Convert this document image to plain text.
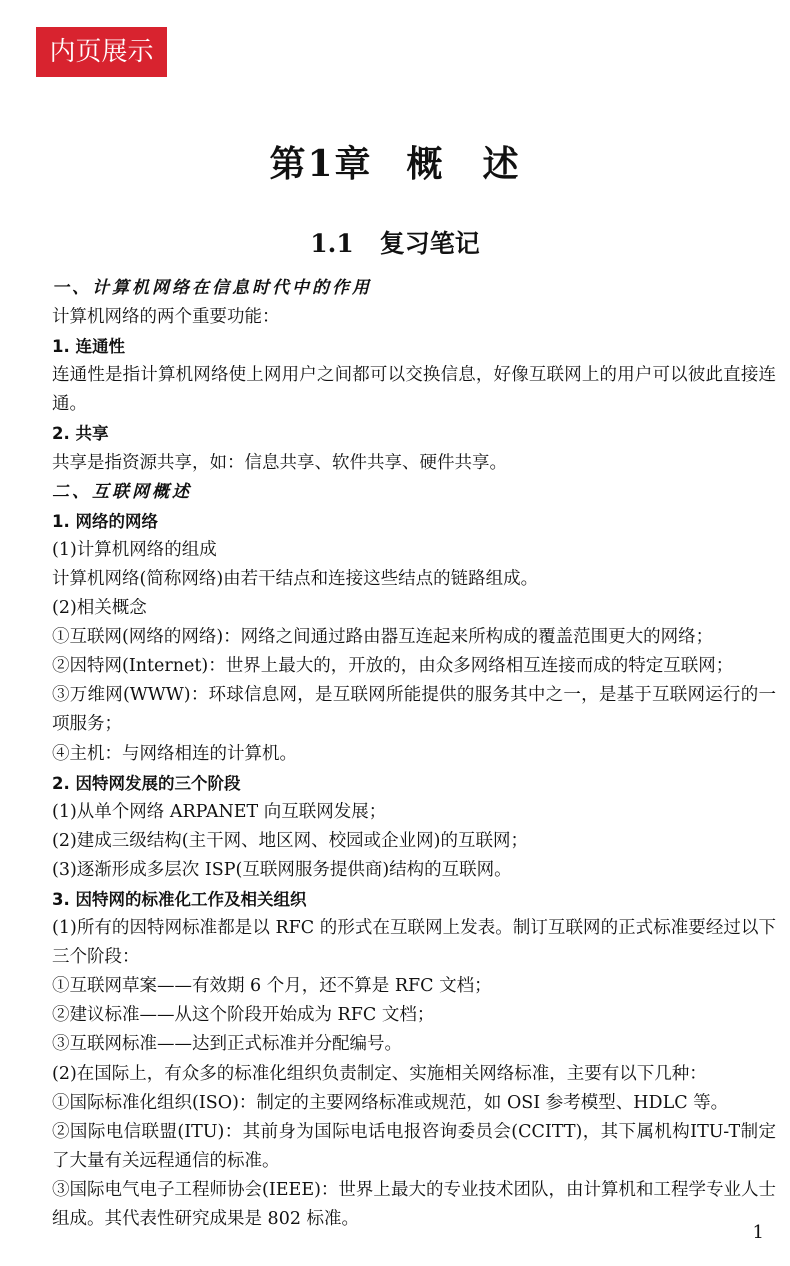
内页展示
第1章 概　述
1.1 复习笔记

一、计算机网络在信息时代中的作用

计算机网络的两个重要功能：

1. 连通性

连通性是指计算机网络使上网用户之间都可以交换信息，好像互联网上的用户可以彼此直接连通。

2. 共享

共享是指资源共享，如：信息共享、软件共享、硬件共享。

二、互联网概述

1. 网络的网络

(1)计算机网络的组成

计算机网络(简称网络)由若干结点和连接这些结点的链路组成。

(2)相关概念

①互联网(网络的网络)：网络之间通过路由器互连起来所构成的覆盖范围更大的网络；

②因特网(Internet)：世界上最大的，开放的，由众多网络相互连接而成的特定互联网；

③万维网(WWW)：环球信息网，是互联网所能提供的服务其中之一，是基于互联网运行的一项服务；

④主机：与网络相连的计算机。

2. 因特网发展的三个阶段

(1)从单个网络 ARPANET 向互联网发展；

(2)建成三级结构(主干网、地区网、校园或企业网)的互联网；

(3)逐渐形成多层次 ISP(互联网服务提供商)结构的互联网。

3. 因特网的标准化工作及相关组织

(1)所有的因特网标准都是以 RFC 的形式在互联网上发表。制订互联网的正式标准要经过以下三个阶段：

①互联网草案——有效期 6 个月，还不算是 RFC 文档；

②建议标准——从这个阶段开始成为 RFC 文档；

③互联网标准——达到正式标准并分配编号。

(2)在国际上，有众多的标准化组织负责制定、实施相关网络标准，主要有以下几种：

①国际标准化组织(ISO)：制定的主要网络标准或规范，如 OSI 参考模型、HDLC 等。

②国际电信联盟(ITU)：其前身为国际电话电报咨询委员会(CCITT)，其下属机构ITU-T制定了大量有关远程通信的标准。

③国际电气电子工程师协会(IEEE)：世界上最大的专业技术团队，由计算机和工程学专业人士组成。其代表性研究成果是 802 标准。

1
